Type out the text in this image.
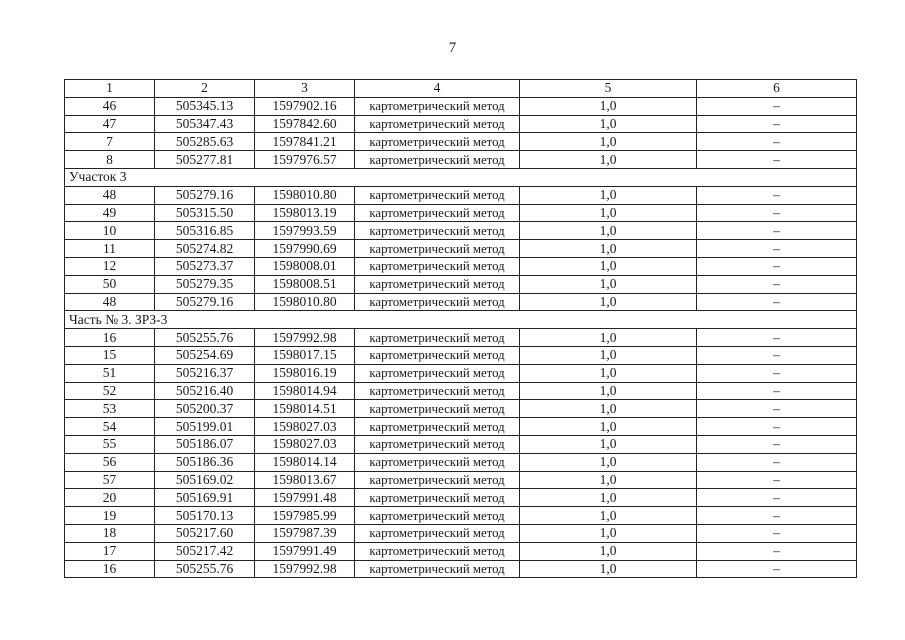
7
1	2	3	4	5	6
46	505345.13	1597902.16	картометрический метод	1,0	–
47	505347.43	1597842.60	картометрический метод	1,0	–
7	505285.63	1597841.21	картометрический метод	1,0	–
8	505277.81	1597976.57	картометрический метод	1,0	–
Участок 3					
48	505279.16	1598010.80	картометрический метод	1,0	–
49	505315.50	1598013.19	картометрический метод	1,0	–
10	505316.85	1597993.59	картометрический метод	1,0	–
11	505274.82	1597990.69	картометрический метод	1,0	–
12	505273.37	1598008.01	картометрический метод	1,0	–
50	505279.35	1598008.51	картометрический метод	1,0	–
48	505279.16	1598010.80	картометрический метод	1,0	–
Часть № 3. ЗРЗ-3					
16	505255.76	1597992.98	картометрический метод	1,0	–
15	505254.69	1598017.15	картометрический метод	1,0	–
51	505216.37	1598016.19	картометрический метод	1,0	–
52	505216.40	1598014.94	картометрический метод	1,0	–
53	505200.37	1598014.51	картометрический метод	1,0	–
54	505199.01	1598027.03	картометрический метод	1,0	–
55	505186.07	1598027.03	картометрический метод	1,0	–
56	505186.36	1598014.14	картометрический метод	1,0	–
57	505169.02	1598013.67	картометрический метод	1,0	–
20	505169.91	1597991.48	картометрический метод	1,0	–
19	505170.13	1597985.99	картометрический метод	1,0	–
18	505217.60	1597987.39	картометрический метод	1,0	–
17	505217.42	1597991.49	картометрический метод	1,0	–
16	505255.76	1597992.98	картометрический метод	1,0	–
